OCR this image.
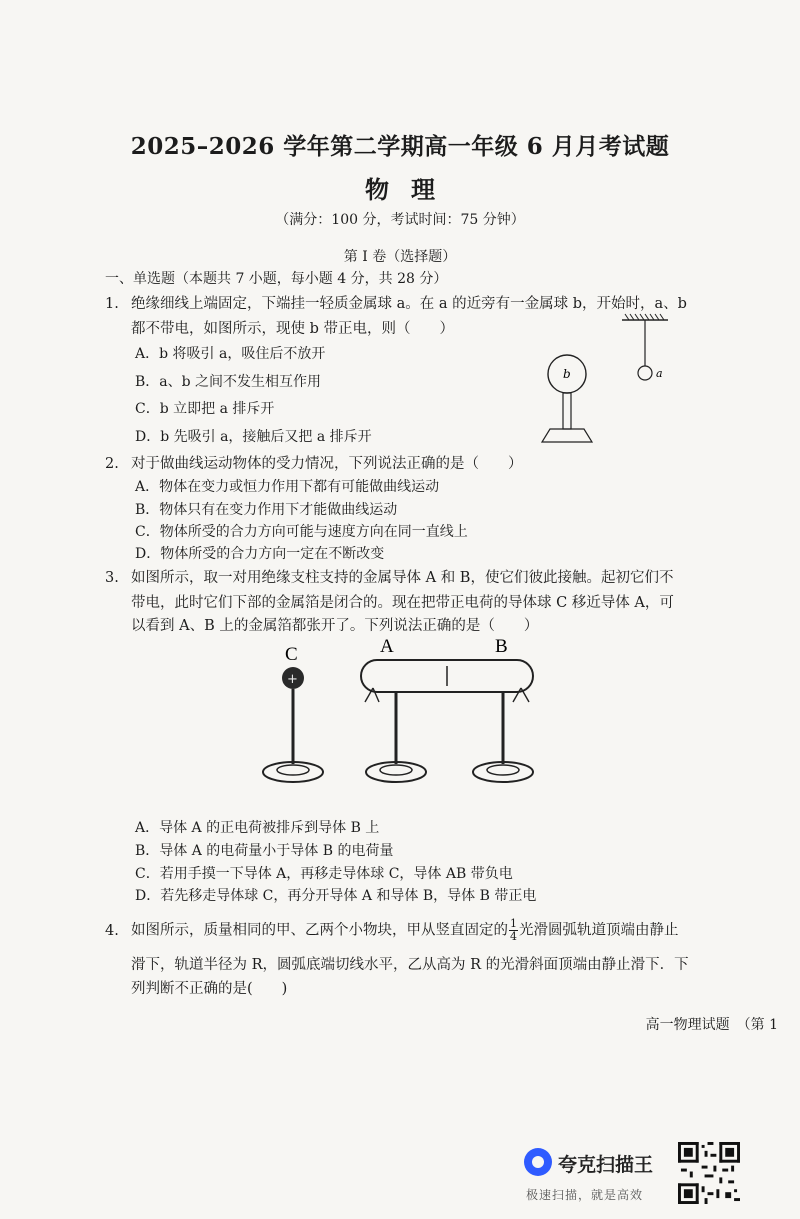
2025–2026 学年第二学期高一年级 6 月月考试题
物理
（满分：100 分，考试时间：75 分钟）
第 I 卷（选择题）
一、单选题（本题共 7 小题，每小题 4 分，共 28 分）
1. 绝缘细线上端固定，下端挂一轻质金属球 a。在 a 的近旁有一金属球 b，开始时，a、b
都不带电，如图所示，现使 b 带正电，则（　　）
A．b 将吸引 a，吸住后不放开
B．a、b 之间不发生相互作用
C．b 立即把 a 排斥开
D．b 先吸引 a，接触后又把 a 排斥开
a
b
2. 对于做曲线运动物体的受力情况，下列说法正确的是（　　）
A．物体在变力或恒力作用下都有可能做曲线运动
B．物体只有在变力作用下才能做曲线运动
C．物体所受的合力方向可能与速度方向在同一直线上
D．物体所受的合力方向一定在不断改变
3. 如图所示，取一对用绝缘支柱支持的金属导体 A 和 B，使它们彼此接触。起初它们不
带电，此时它们下部的金属箔是闭合的。现在把带正电荷的导体球 C 移近导体 A，可
以看到 A、B 上的金属箔都张开了。下列说法正确的是（　　）
C
+
A	B
A．导体 A 的正电荷被排斥到导体 B 上
B．导体 A 的电荷量小于导体 B 的电荷量
C．若用手摸一下导体 A，再移走导体球 C，导体 AB 带负电
D．若先移走导体球 C，再分开导体 A 和导体 B，导体 B 带正电
4. 如图所示，质量相同的甲、乙两个小物块，甲从竖直固定的 $\frac{1}{4}$ 光滑圆弧轨道顶端由静止
滑下，轨道半径为 R，圆弧底端切线水平，乙从高为 R 的光滑斜面顶端由静止滑下．下
列判断不正确的是(　　)
高一物理试题　（第 1
夸克扫描王
极速扫描，就是高效
